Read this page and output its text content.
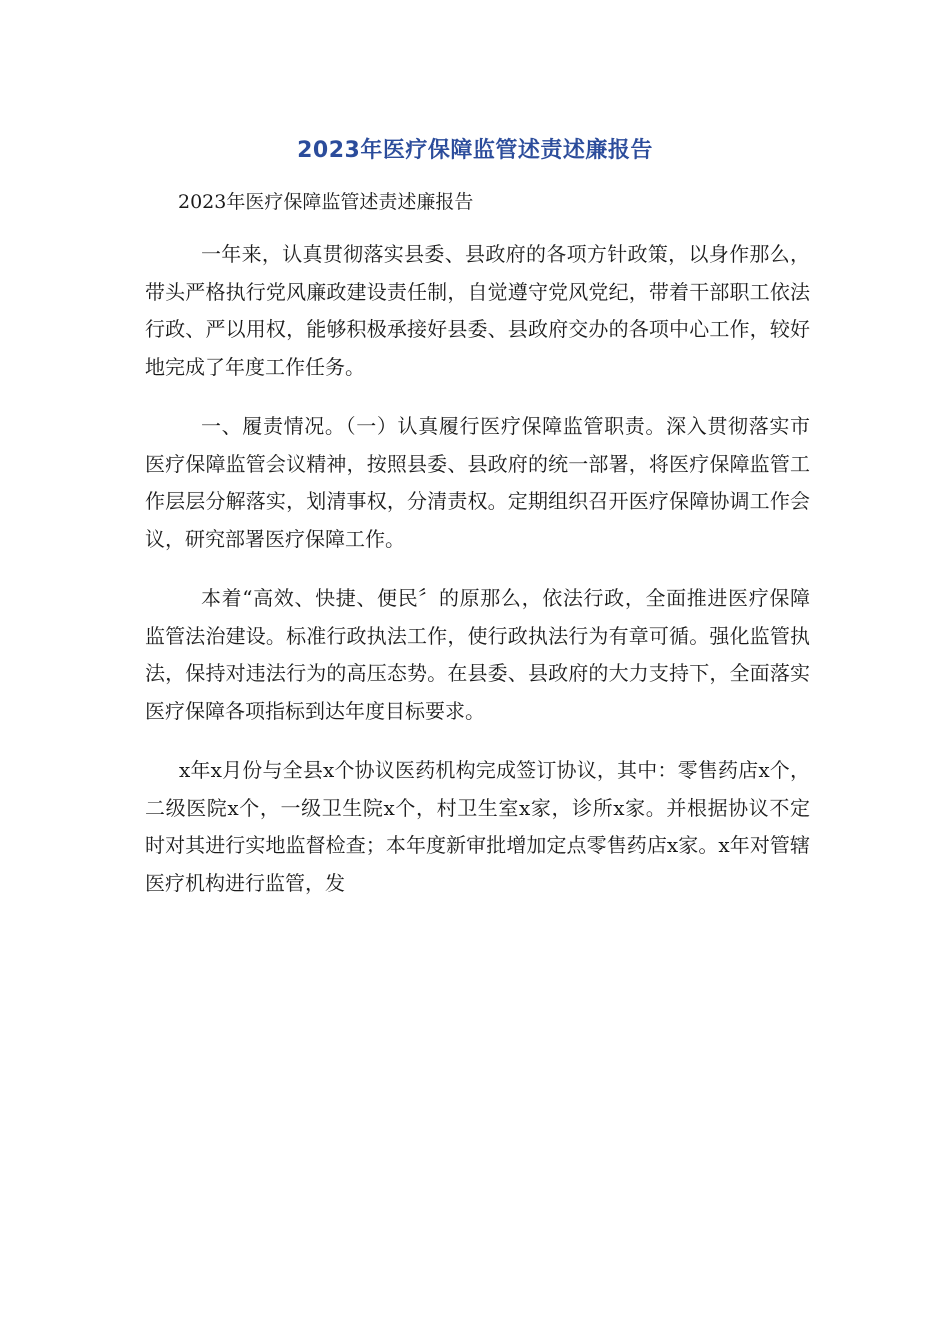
2023年医疗保障监管述责述廉报告
2023年医疗保障监管述责述廉报告
一年来，认真贯彻落实县委、县政府的各项方针政策，以身作那么，带头严格执行党风廉政建设责任制，自觉遵守党风党纪，带着干部职工依法行政、严以用权，能够积极承接好县委、县政府交办的各项中心工作，较好地完成了年度工作任务。
一、履责情况。（一）认真履行医疗保障监管职责。深入贯彻落实市医疗保障监管会议精神，按照县委、县政府的统一部署，将医疗保障监管工作层层分解落实，划清事权，分清责权。定期组织召开医疗保障协调工作会议，研究部署医疗保障工作。
本着“高效、快捷、便民〞的原那么，依法行政，全面推进医疗保障监管法治建设。标准行政执法工作，使行政执法行为有章可循。强化监管执法，保持对违法行为的高压态势。在县委、县政府的大力支持下，全面落实医疗保障各项指标到达年度目标要求。
x年x月份与全县x个协议医药机构完成签订协议，其中：零售药店x个，二级医院x个，一级卫生院x个，村卫生室x家，诊所x家。并根据协议不定时对其进行实地监督检查；本年度新审批增加定点零售药店x家。x年对管辖医疗机构进行监管，发
